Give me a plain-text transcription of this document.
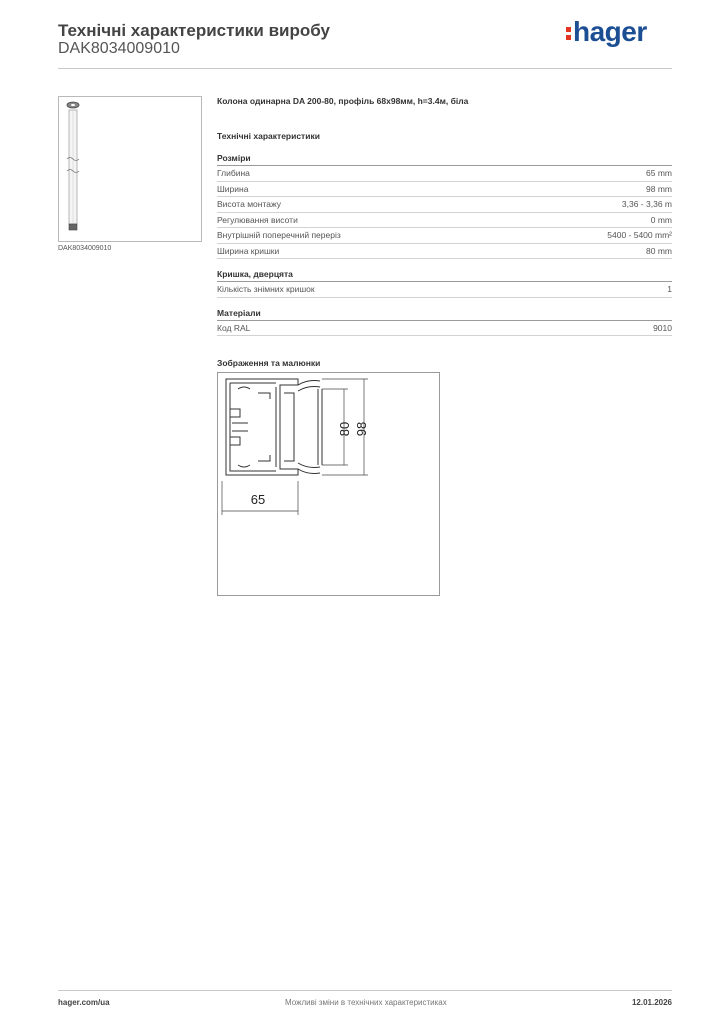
Технічні характеристики виробу
DAK8034009010
hager
DAK8034009010
Колона одинарна DA 200-80, профіль 68х98мм, h=3.4м, біла
Технічні характеристики
Розміри
Глибина	65 mm
Ширина	98 mm
Висота монтажу	3,36 - 3,36 m
Регулювання висоти	0 mm
Внутрішній поперечний переріз	5400 - 5400 mm²
Ширина кришки	80 mm
Кришка, дверцята
Кількість знімних кришок	1
Матеріали
Код RAL	9010
Зображення та малюнки
80 98
65
hager.com/ua	Можливі зміни в технічних характеристиках	12.01.2026
